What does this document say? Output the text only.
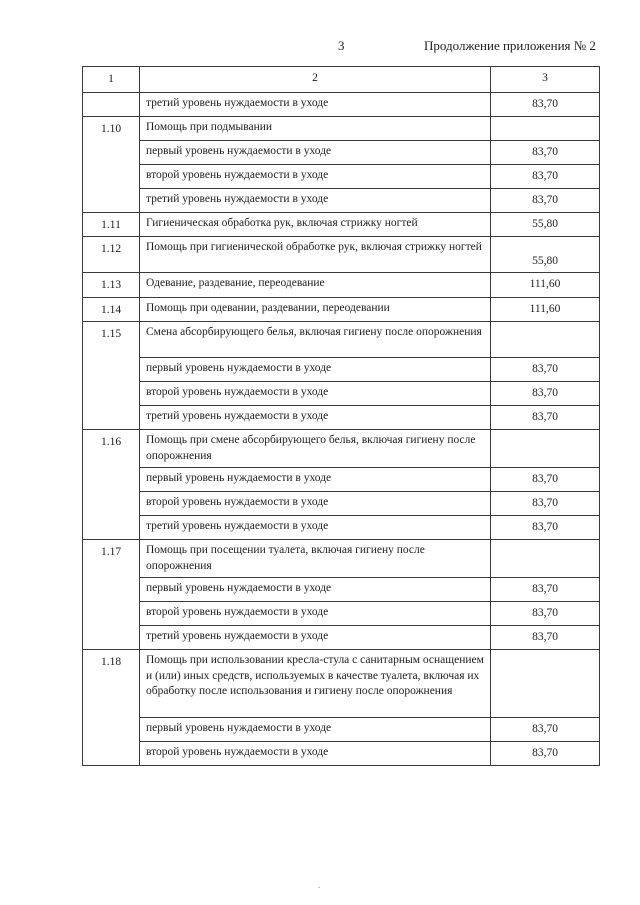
3	Продолжение приложения № 2
1	2	3
	третий уровень нуждаемости в уходе	83,70
1.10	Помощь при подмывании	
	первый уровень нуждаемости в уходе	83,70
	второй уровень нуждаемости в уходе	83,70
	третий уровень нуждаемости в уходе	83,70
1.11	Гигиеническая обработка рук, включая стрижку ногтей	55,80
1.12	Помощь при гигиенической обработке рук, включая стрижку ногтей	55,80
1.13	Одевание, раздевание, переодевание	111,60
1.14	Помощь при одевании, раздевании, переодевании	111,60
1.15	Смена абсорбирующего белья, включая гигиену после опорожнения	
	первый уровень нуждаемости в уходе	83,70
	второй уровень нуждаемости в уходе	83,70
	третий уровень нуждаемости в уходе	83,70
1.16	Помощь при смене абсорбирующего белья, включая гигиену после опорожнения	
	первый уровень нуждаемости в уходе	83,70
	второй уровень нуждаемости в уходе	83,70
	третий уровень нуждаемости в уходе	83,70
1.17	Помощь при посещении туалета, включая гигиену после опорожнения	
	первый уровень нуждаемости в уходе	83,70
	второй уровень нуждаемости в уходе	83,70
	третий уровень нуждаемости в уходе	83,70
1.18	Помощь при использовании кресла-стула с санитарным оснащением и (или) иных средств, используемых в качестве туалета, включая их обработку после использования и гигиену после опорожнения	
	первый уровень нуждаемости в уходе	83,70
	второй уровень нуждаемости в уходе	83,70
.
